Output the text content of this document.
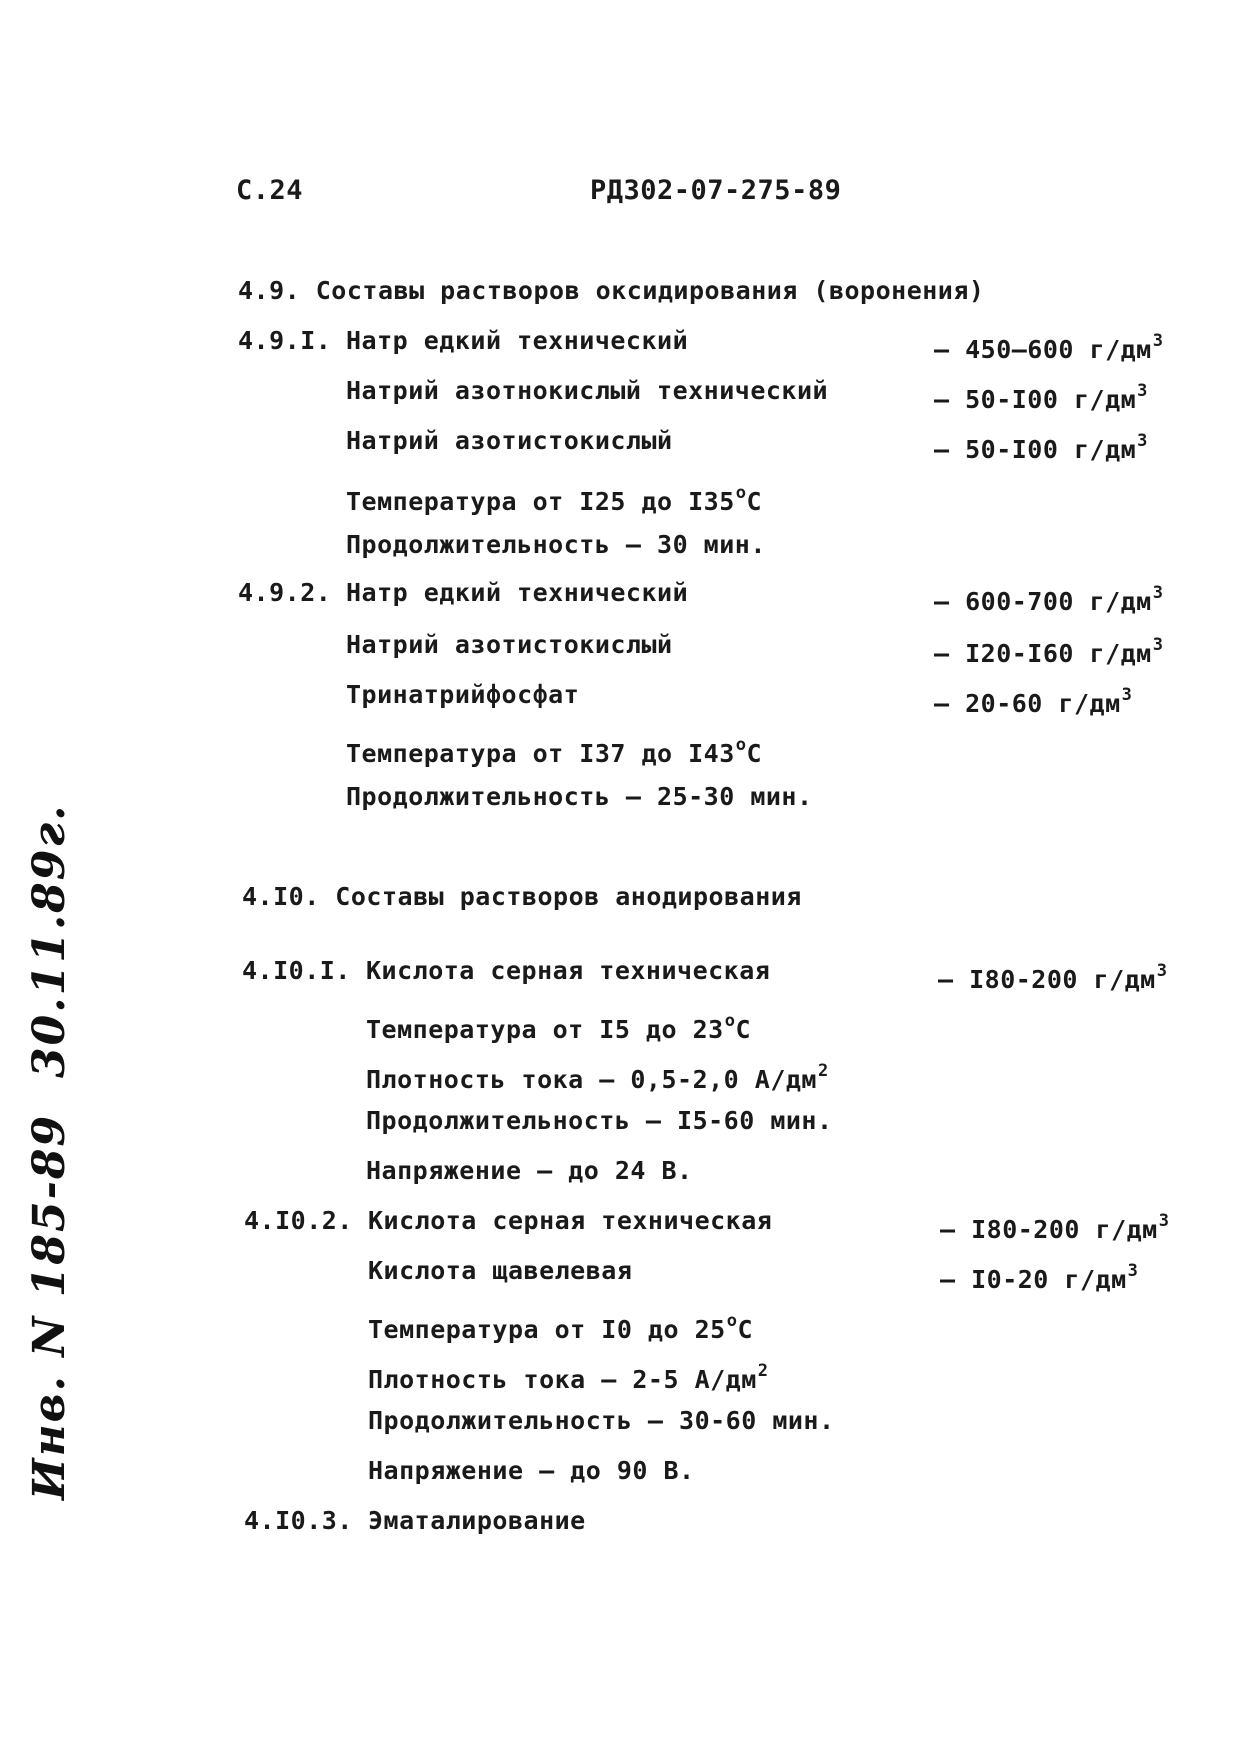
С.24	РД302-07-275-89
4.9. Составы растворов оксидирования (воронения)
4.9.I. Натр едкий технический	– 450–600 $г/дм^3$
Натрий азотнокислый технический	– 50-I00 $г/дм^3$
Натрий азотистокислый	– 50-I00 $г/дм^3$
Температура от I25 до I35$^o$С
Продолжительность – 30 мин.
4.9.2. Натр едкий технический	– 600-700 $г/дм^3$
Натрий азотистокислый	– I20-I60 $г/дм^3$
Тринатрийфосфат	– 20-60 $г/дм^3$
Температура от I37 до I43$^o$С
Продолжительность – 25-30 мин.
4.I0. Составы растворов анодирования
4.I0.I. Кислота серная техническая	– I80-200 $г/дм^3$
Температура от I5 до 23$^o$С
Плотность тока – 0,5-2,0 $А/дм^2$
Продолжительность – I5-60 мин.
Напряжение – до 24 В.
4.I0.2. Кислота серная техническая	– I80-200 $г/дм^3$
Кислота щавелевая	– I0-20 $г/дм^3$
Температура от I0 до 25$^o$С
Плотность тока – 2-5 $А/дм^2$
Продолжительность – 30-60 мин.
Напряжение – до 90 В.
4.I0.3. Эматалирование
Инв. N 185-8930.11.89г.
